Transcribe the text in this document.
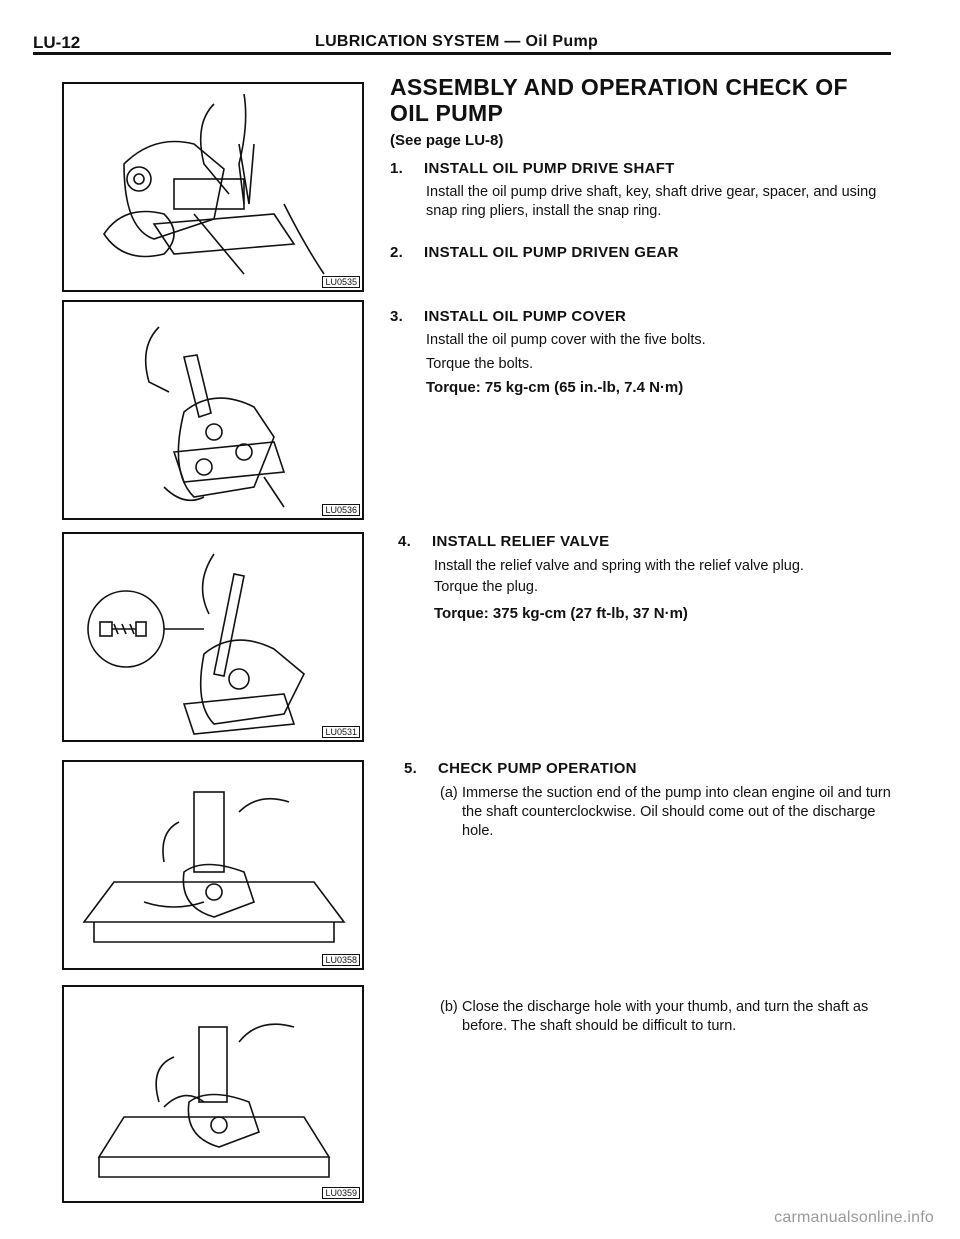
LU-12	LUBRICATION SYSTEM — Oil Pump
LU0535
LU0536
LU0531
LU0358
LU0359
ASSEMBLY AND OPERATION CHECK OF OIL PUMP
(See page LU-8)
1. INSTALL OIL PUMP DRIVE SHAFT
Install the oil pump drive shaft, key, shaft drive gear, spacer, and using snap ring pliers, install the snap ring.
2. INSTALL OIL PUMP DRIVEN GEAR
3. INSTALL OIL PUMP COVER
Install the oil pump cover with the five bolts.
Torque the bolts.
Torque: 75 kg-cm (65 in.-lb, 7.4 N·m)
4. INSTALL RELIEF VALVE
Install the relief valve and spring with the relief valve plug.
Torque the plug.
Torque: 375 kg-cm (27 ft-lb, 37 N·m)
5. CHECK PUMP OPERATION
(a) Immerse the suction end of the pump into clean engine oil and turn the shaft counterclockwise. Oil should come out of the discharge hole.
(b) Close the discharge hole with your thumb, and turn the shaft as before. The shaft should be difficult to turn.
carmanualsonline.info
